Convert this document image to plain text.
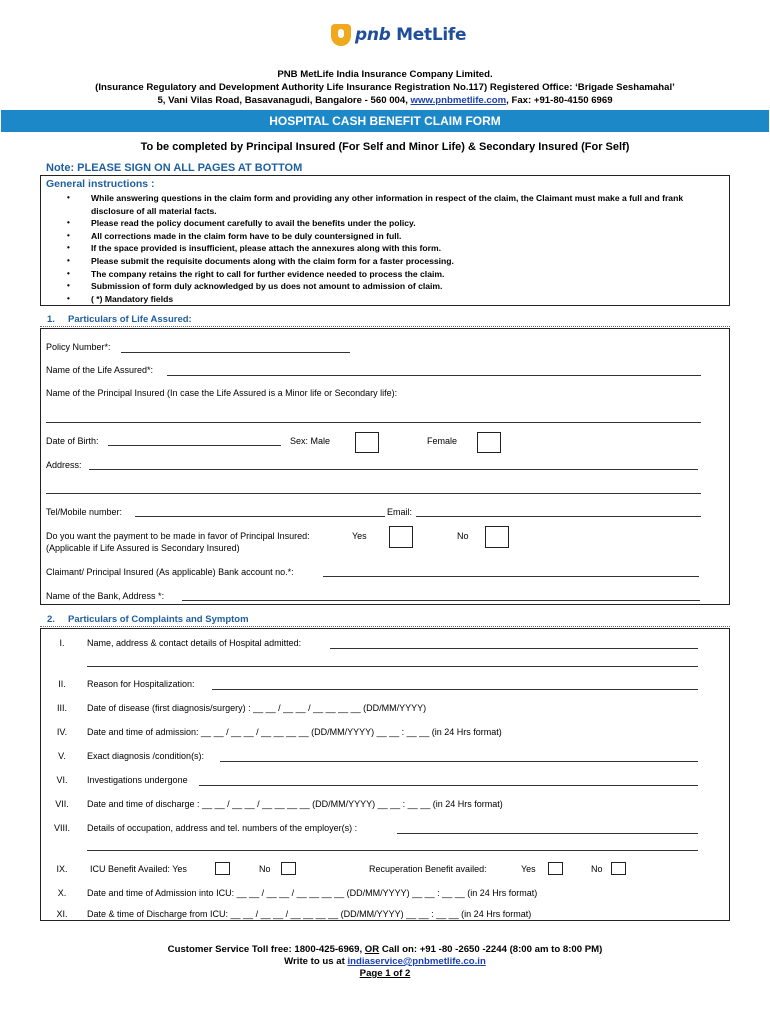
pnb MetLife
PNB MetLife India Insurance Company Limited.
(Insurance Regulatory and Development Authority Life Insurance Registration No.117) Registered Office: ‘Brigade Seshamahal’
5, Vani Vilas Road, Basavanagudi, Bangalore - 560 004, www.pnbmetlife.com, Fax: +91-80-4150 6969
HOSPITAL CASH BENEFIT CLAIM FORM
To be completed by Principal Insured (For Self and Minor Life) & Secondary Insured (For Self)
Note: PLEASE SIGN ON ALL PAGES AT BOTTOM
General instructions :
• While answering questions in the claim form and providing any other information in respect of the claim, the Claimant must make a full and frank disclosure of all material facts.
• Please read the policy document carefully to avail the benefits under the policy.
• All corrections made in the claim form have to be duly countersigned in full.
• If the space provided is insufficient, please attach the annexures along with this form.
• Please submit the requisite documents along with the claim form for a faster processing.
• The company retains the right to call for further evidence needed to process the claim.
• Submission of form duly acknowledged by us does not amount to admission of claim.
• ( *) Mandatory fields
1. Particulars of Life Assured:
Policy Number*:
Name of the Life Assured*:
Name of the Principal Insured (In case the Life Assured is a Minor life or Secondary life):
Date of Birth:	Sex: Male	Female
Address:
Tel/Mobile number:	Email:
Do you want the payment to be made in favor of Principal Insured:
(Applicable if Life Assured is Secondary Insured)
Yes	No
Claimant/ Principal Insured (As applicable) Bank account no.*:
Name of the Bank, Address *:
2. Particulars of Complaints and Symptom
I.	Name, address & contact details of Hospital admitted:
II.	Reason for Hospitalization:
III.	Date of disease (first diagnosis/surgery) : __ __ / __ __ / __ __ __ __ (DD/MM/YYYY)
IV.	Date and time of admission: __ __ / __ __ / __ __ __ __ (DD/MM/YYYY) __ __ : __ __ (in 24 Hrs format)
V.	Exact diagnosis /condition(s):
VI.	Investigations undergone
VII.	Date and time of discharge : __ __ / __ __ / __ __ __ __ (DD/MM/YYYY) __ __ : __ __ (in 24 Hrs format)
VIII.	Details of occupation, address and tel. numbers of the employer(s) :
IX.	ICU Benefit Availed: Yes	No	Recuperation Benefit availed:	Yes	No
X.	Date and time of Admission into ICU: __ __ / __ __ / __ __ __ __ (DD/MM/YYYY) __ __ : __ __ (in 24 Hrs format)
XI.	Date & time of Discharge from ICU: __ __ / __ __ / __ __ __ __ (DD/MM/YYYY) __ __ : __ __ (in 24 Hrs format)
Customer Service Toll free: 1800-425-6969, OR Call on: +91 -80 -2650 -2244 (8:00 am to 8:00 PM)
Write to us at indiaservice@pnbmetlife.co.in
Page 1 of 2
